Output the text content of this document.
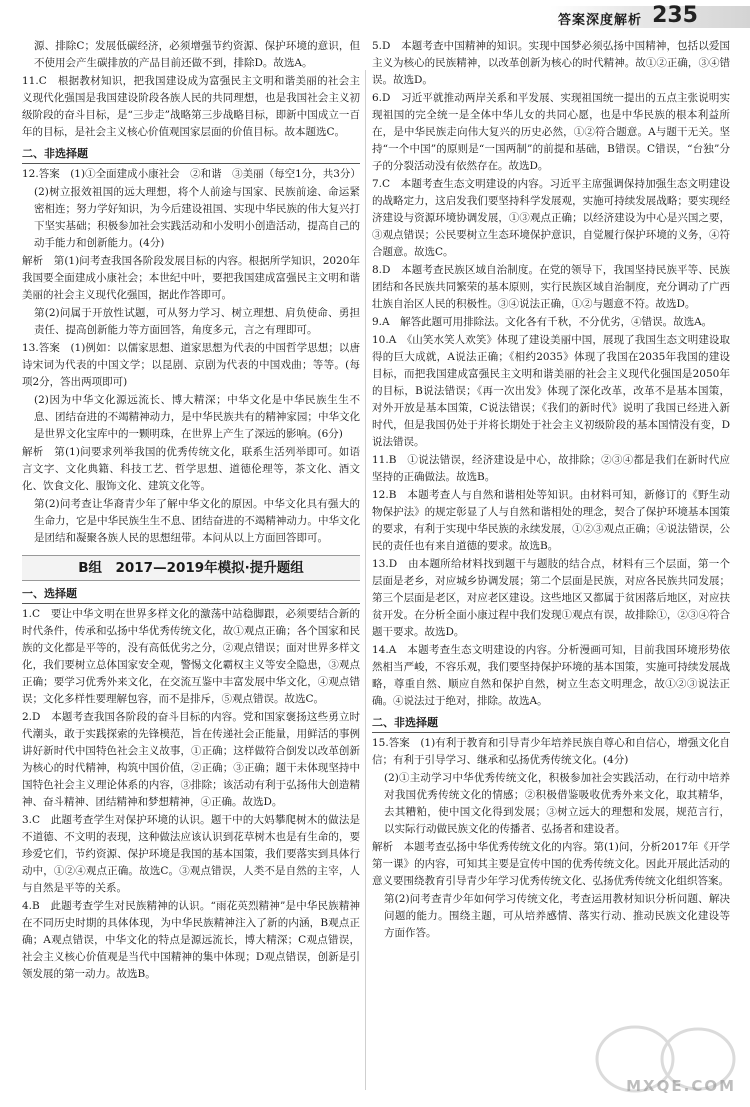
答案深度解析 235
源、排除C；发展低碳经济，必须增强节约资源、保护环境的意识，但不使用会产生碳排放的产品目前还做不到，排除D。故选A。
11.C　根据教材知识，把我国建设成为富强民主文明和谐美丽的社会主义现代化强国是我国建设阶段各族人民的共同理想，也是我国社会主义初级阶段的奋斗目标，是“三步走”战略第三步战略目标，即新中国成立一百年的目标，是社会主义核心价值观国家层面的价值目标。故本题选C。
二、非选择题
12.答案　(1)①全面建成小康社会　②和谐　③美丽（每空1分，共3分）
(2)树立报效祖国的远大理想，将个人前途与国家、民族前途、命运紧密相连；努力学好知识，为今后建设祖国、实现中华民族的伟大复兴打下坚实基础；积极参加社会实践活动和小发明小创造活动，提高自己的动手能力和创新能力。(4分)
解析　第(1)问考查我国各阶段发展目标的内容。根据所学知识，2020年我国要全面建成小康社会；本世纪中叶，要把我国建成富强民主文明和谐美丽的社会主义现代化强国，据此作答即可。
第(2)问属于开放性试题，可从努力学习、树立理想、肩负使命、勇担责任、提高创新能力等方面回答，角度多元，言之有理即可。
13.答案　(1)例如：以儒家思想、道家思想为代表的中国哲学思想；以唐诗宋词为代表的中国文学；以昆剧、京剧为代表的中国戏曲；等等。(每项2分，答出两项即可)
(2)因为中华文化源远流长、博大精深；中华文化是中华民族生生不息、团结奋进的不竭精神动力，是中华民族共有的精神家园；中华文化是世界文化宝库中的一颗明珠，在世界上产生了深远的影响。(6分)
解析　第(1)问要求列举我国的优秀传统文化，联系生活列举即可。如语言文字、文化典籍、科技工艺、哲学思想、道德伦理等，茶文化、酒文化、饮食文化、服饰文化、建筑文化等。
第(2)问考查让华裔青少年了解中华文化的原因。中华文化具有强大的生命力，它是中华民族生生不息、团结奋进的不竭精神动力。中华文化是团结和凝聚各族人民的思想纽带。本问从以上方面回答即可。
B组　2017—2019年模拟·提升题组
一、选择题
1.C　要让中华文明在世界多样文化的激荡中站稳脚跟，必须要结合新的时代条件，传承和弘扬中华优秀传统文化，故①观点正确；各个国家和民族的文化都是平等的，没有高低优劣之分，②观点错误；面对世界多样文化，我们要树立总体国家安全观，警惕文化霸权主义等安全隐患，③观点正确；要学习优秀外来文化，在交流互鉴中丰富发展中华文化，④观点错误；文化多样性要理解包容，而不是排斥，⑤观点错误。故选C。
2.D　本题考查我国各阶段的奋斗目标的内容。党和国家褒扬这些勇立时代潮头，敢于实践探索的先锋模范，旨在传递社会正能量，用鲜活的事例讲好新时代中国特色社会主义故事，①正确；这样做符合倒发以改革创新为核心的时代精神，构筑中国价值，②正确；③正确；题干未体现坚持中国特色社会主义理论体系的内容，③排除；该活动有利于弘扬伟大创造精神、奋斗精神、团结精神和梦想精神，④正确。故选D。
3.C　此题考查学生对保护环境的认识。题干中的大妈攀爬树木的做法是不道德、不文明的表现，这种做法应该认识到花草树木也是有生命的，要珍爱它们，节约资源、保护环境是我国的基本国策，我们要落实到具体行动中，①②④观点正确。故选C。③观点错误，人类不是自然的主宰，人与自然是平等的关系。
4.B　此题考查学生对民族精神的认识。“雨花英烈精神”是中华民族精神在不同历史时期的具体体现，为中华民族精神注入了新的内涵，B观点正确；A观点错误，中华文化的特点是源远流长，博大精深；C观点错误，社会主义核心价值观是当代中国精神的集中体现；D观点错误，创新是引领发展的第一动力。故选B。
5.D　本题考查中国精神的知识。实现中国梦必须弘扬中国精神，包括以爱国主义为核心的民族精神，以改革创新为核心的时代精神。故①②正确，③④错误。故选D。
6.D　习近平就推动两岸关系和平发展、实现祖国统一提出的五点主张说明实现祖国的完全统一是全体中华儿女的共同心愿，也是中华民族的根本利益所在，是中华民族走向伟大复兴的历史必然，①②符合题意。A与题干无关。坚持“一个中国”的原则是“一国两制”的前提和基础，B错误。C错误，“台独”分子的分裂活动没有依然存在。故选D。
7.C　本题考查生态文明建设的内容。习近平主席强调保持加强生态文明建设的战略定力，这启发我们要坚持科学发展观，实施可持续发展战略；要实现经济建设与资源环境协调发展，①③观点正确；以经济建设为中心是兴国之要，③观点错误；公民要树立生态环境保护意识，自觉履行保护环境的义务，④符合题意。故选C。
8.D　本题考查民族区域自治制度。在党的领导下，我国坚持民族平等、民族团结和各民族共同繁荣的基本原则，实行民族区域自治制度，充分调动了广西壮族自治区人民的积极性。③④说法正确，①②与题意不符。故选D。
9.A　解答此题可用排除法。文化各有千秋，不分优劣，④错误。故选A。
10.A　《山笑水笑人欢笑》体现了建设美丽中国，展现了我国生态文明建设取得的巨大成就，A说法正确；《相约2035》体现了我国在2035年我国的建设目标，而把我国建成富强民主文明和谐美丽的社会主义现代化强国是2050年的目标，B说法错误；《再一次出发》体现了深化改革，改革不是基本国策，对外开放是基本国策，C说法错误；《我们的新时代》说明了我国已经进入新时代，但是我国仍处于并将长期处于社会主义初级阶段的基本国情没有变，D说法错误。
11.B　①说法错误，经济建设是中心，故排除；②③④都是我们在新时代应坚持的正确做法。故选B。
12.B　本题考查人与自然和谐相处等知识。由材料可知，新修订的《野生动物保护法》的规定彰显了人与自然和谐相处的理念，契合了保护环境基本国策的要求，有利于实现中华民族的永续发展，①②③观点正确；④说法错误，公民的责任也有来自道德的要求。故选B。
13.D　由本题所给材料找到题干与题肢的结合点，材料有三个层面，第一个层面是老乡，对应城乡协调发展；第二个层面是民族，对应各民族共同发展；第三个层面是老区，对应老区建设。这些地区又都属于贫困落后地区，对应扶贫开发。在分析全面小康过程中我们发现①观点有误，故排除①，②③④符合题干要求。故选D。
14.A　本题考查生态文明建设的内容。分析漫画可知，目前我国环境形势依然相当严峻，不容乐观，我们要坚持保护环境的基本国策，实施可持续发展战略，尊重自然、顺应自然和保护自然，树立生态文明理念，故①②③说法正确。④说法过于绝对，排除。故选A。
二、非选择题
15.答案　(1)有利于教育和引导青少年培养民族自尊心和自信心，增强文化自信；有利于引导学习、继承和弘扬优秀传统文化。(4分)
(2)①主动学习中华优秀传统文化，积极参加社会实践活动，在行动中培养对我国优秀传统文化的情感；②积极借鉴吸收优秀外来文化，取其精华，去其糟粕，使中国文化得到发展；③树立远大的理想和发展，规范言行，以实际行动做民族文化的传播者、弘扬者和建设者。
解析　本题考查弘扬中华优秀传统文化的内容。第(1)问，分析2017年《开学第一课》的内容，可知其主要是宣传中国的优秀传统文化。因此开展此活动的意义要围绕教育引导青少年学习优秀传统文化、弘扬优秀传统文化组织答案。
第(2)问考查青少年如何学习传统文化，考查运用教材知识分析问题、解决问题的能力。围绕主题，可从培养感情、落实行动、推动民族文化建设等方面作答。
MXQE.COM
